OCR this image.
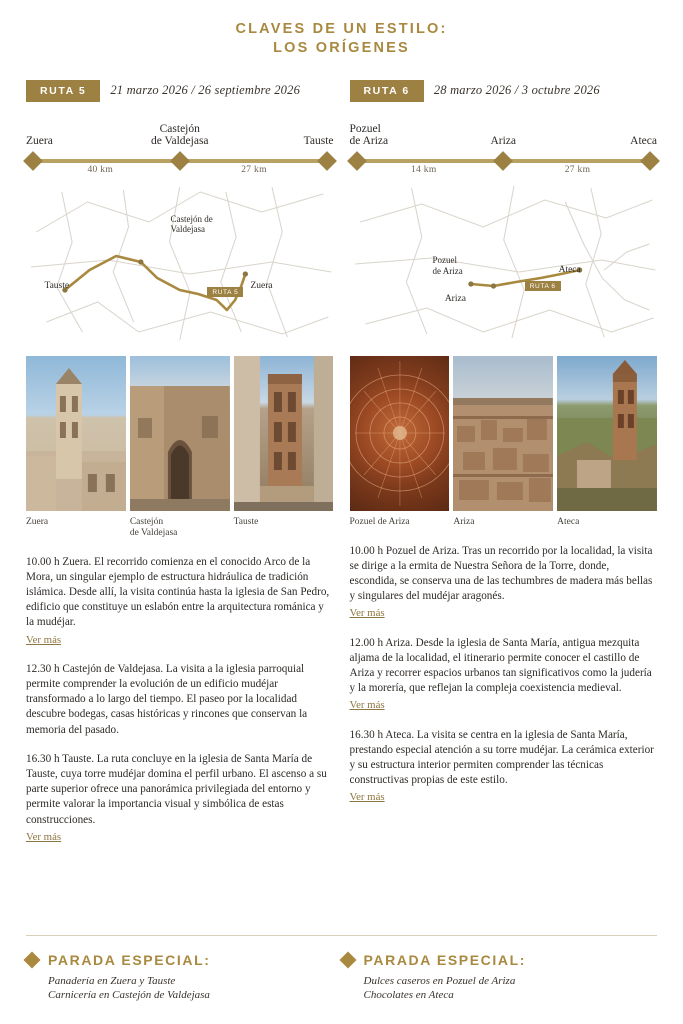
CLAVES DE UN ESTILO:
LOS ORÍGENES
RUTA 5	21 marzo 2026 / 26 septiembre 2026
Zuera
Castejón
de Valdejasa	Tauste
40 km	27 km
RUTA 5
Castejón de
Valdejasa
Tauste	Zuera
Zuera	Castejón
de Valdejasa
Tauste
10.00 h Zuera. El recorrido comienza en el conocido Arco de la Mora, un singular ejemplo de estructura hidráulica de tradición islámica. Desde allí, la visita continúa hasta la iglesia de San Pedro, edificio que constituye un eslabón entre la arquitectura románica y la mudéjar.
Ver más
12.30 h Castejón de Valdejasa. La visita a la iglesia parroquial permite comprender la evolución de un edificio mudéjar transformado a lo largo del tiempo. El paseo por la localidad descubre bodegas, casas históricas y rincones que conservan la memoria del pasado.
16.30 h Tauste. La ruta concluye en la iglesia de Santa María de Tauste, cuya torre mudéjar domina el perfil urbano. El ascenso a su parte superior ofrece una panorámica privilegiada del entorno y permite valorar la importancia visual y simbólica de estas construcciones.
Ver más
RUTA 6	28 marzo 2026 / 3 octubre 2026
Pozuel
de Ariza	Ariza	Ateca
14 km	27 km
RUTA 6
Pozuel
de Ariza
Ariza
Ateca
Pozuel de Ariza	Ariza	Ateca
10.00 h Pozuel de Ariza. Tras un recorrido por la localidad, la visita se dirige a la ermita de Nuestra Señora de la Torre, donde, escondida, se conserva una de las techumbres de madera más bellas y singulares del mudéjar aragonés.
Ver más
12.00 h Ariza. Desde la iglesia de Santa María, antigua mezquita aljama de la localidad, el itinerario permite conocer el castillo de Ariza y recorrer espacios urbanos tan significativos como la judería y la morería, que reflejan la compleja coexistencia medieval.
Ver más
16.30 h Ateca. La visita se centra en la iglesia de Santa María, prestando especial atención a su torre mudéjar. La cerámica exterior y su estructura interior permiten comprender las técnicas constructivas propias de este estilo.
Ver más
PARADA ESPECIAL:
Panadería en Zuera y Tauste
Carnicería en Castejón de Valdejasa
PARADA ESPECIAL:
Dulces caseros en Pozuel de Ariza
Chocolates en Ateca
